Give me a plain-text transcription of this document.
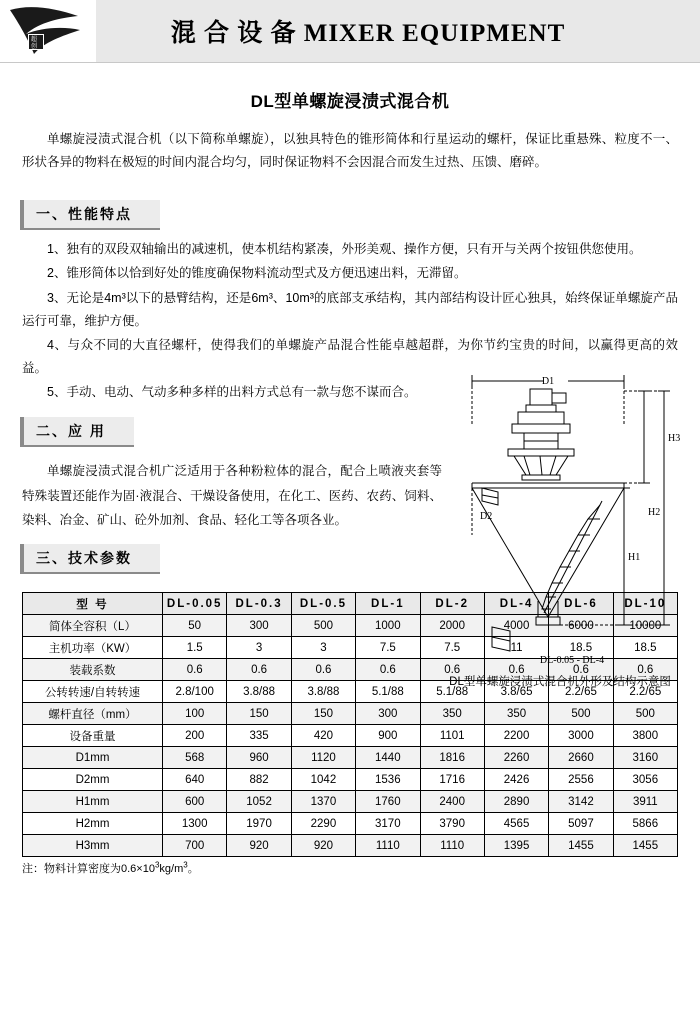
超
创	混 合 设 备 MIXER EQUIPMENT
DL型单螺旋浸渍式混合机
单螺旋浸渍式混合机（以下简称单螺旋），以独具特色的锥形简体和行星运动的螺杆，保证比重悬殊、粒度不一、形状各异的物料在极短的时间内混合均匀，同时保证物料不会因混合而发生过热、压馈、磨碎。
一、性能特点
1、独有的双段双轴输出的减速机，使本机结构紧凑，外形美观、操作方便，只有开与关两个按钮供您使用。
2、锥形简体以恰到好处的锥度确保物料流动型式及方便迅速出料，无滞留。
3、无论是4m³以下的悬臂结构，还是6m³、10m³的底部支承结构，其内部结构设计匠心独具，始终保证单螺旋产品运行可靠，维护方便。
4、与众不同的大直径螺杆，使得我们的单螺旋产品混合性能卓越超群，为你节约宝贵的时间，以赢得更高的效益。
5、手动、电动、气动多种多样的出料方式总有一款与您不谋而合。
二、应 用
单螺旋浸渍式混合机广泛适用于各种粉粒体的混合，配合上喷液夹套等特殊装置还能作为固·液混合、干燥设备使用，在化工、医药、农药、饲料、染料、冶金、矿山、砼外加剂、食品、轻化工等各项各业。
三、技术参数
型 号	DL-0.05	DL-0.3	DL-0.5	DL-1	DL-2	DL-4	DL-6	DL-10
简体全容积（L）	50	300	500	1000	2000	4000	6000	10000
主机功率（KW）	1.5	3	3	7.5	7.5	11	18.5	18.5
装载系数	0.6	0.6	0.6	0.6	0.6	0.6	0.6	0.6
公转转速/自转转速	2.8/100	3.8/88	3.8/88	5.1/88	5.1/88	3.8/65	2.2/65	2.2/65
螺杆直径（mm）	100	150	150	300	350	350	500	500
设备重量	200	335	420	900	1101	2200	3000	3800
D1mm	568	960	1120	1440	1816	2260	2660	3160
D2mm	640	882	1042	1536	1716	2426	2556	3056
H1mm	600	1052	1370	1760	2400	2890	3142	3911
H2mm	1300	1970	2290	3170	3790	4565	5097	5866
H3mm	700	920	920	1110	1110	1395	1455	1455
注：物料计算密度为$0.6\times 10^3kg/m^3$。
D1
D2
H1
H2
H3
DL-0.05 - DL-4
DL型单螺旋浸渍式混合机外形及结构示意图
